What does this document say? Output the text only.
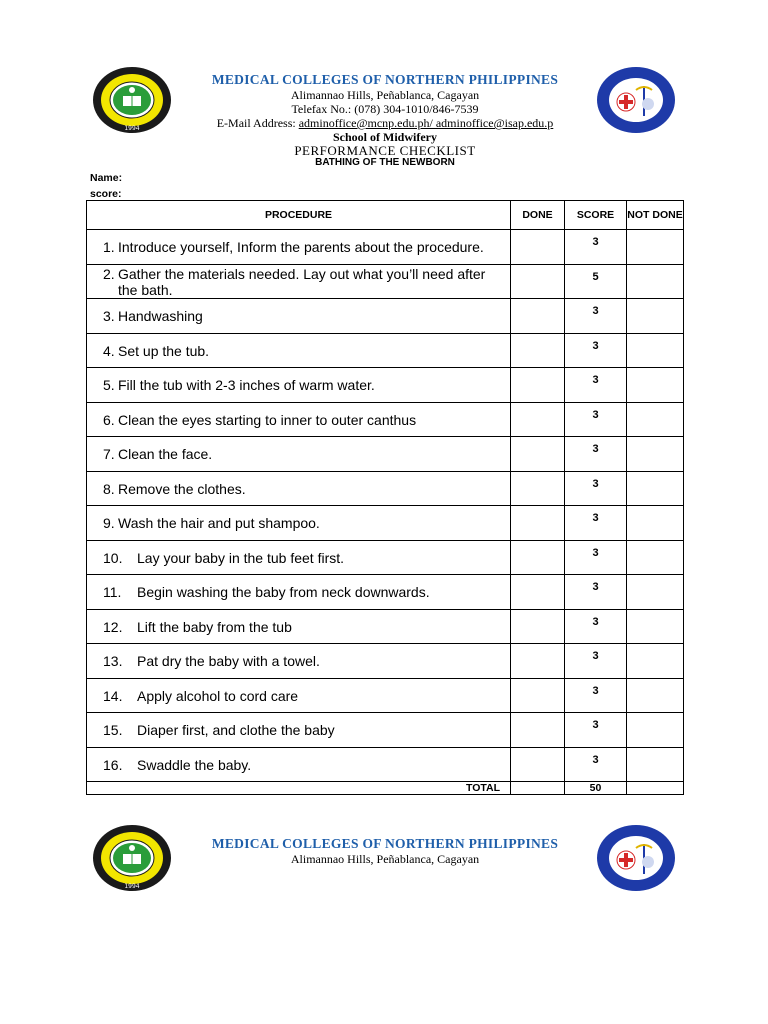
1994
MEDICAL COLLEGES OF NORTHERN PHILIPPINES
Alimannao Hills, Peñablanca, Cagayan
Telefax No.: (078) 304-1010/846-7539
E-Mail Address: adminoffice@mcnp.edu.ph/ adminoffice@isap.edu.p
School of Midwifery
PERFORMANCE CHECKLIST
BATHING OF THE NEWBORN
Name:
score:
PROCEDURE	DONE	SCORE	NOT DONE

1. Introduce yourself, Inform the parents about the procedure.		3	

2. Gather the materials needed. Lay out what you’ll need after the bath.		5	

3. Handwashing		3	

4. Set up the tub.		3	

5. Fill the tub with 2-3 inches of warm water.		3	

6. Clean the eyes starting to inner to outer canthus		3	

7. Clean the face.		3	

8. Remove the clothes.		3	

9. Wash the hair and put shampoo.		3	

10. Lay your baby in the tub feet first.		3	

11. Begin washing the baby from neck downwards.		3	

12. Lift the baby from the tub		3	

13. Pat dry the baby with a towel.		3	

14. Apply alcohol to cord care		3	

15. Diaper first, and clothe the baby		3	

16. Swaddle the baby.		3	
TOTAL		50	
1994
MEDICAL COLLEGES OF NORTHERN PHILIPPINES
Alimannao Hills, Peñablanca, Cagayan
